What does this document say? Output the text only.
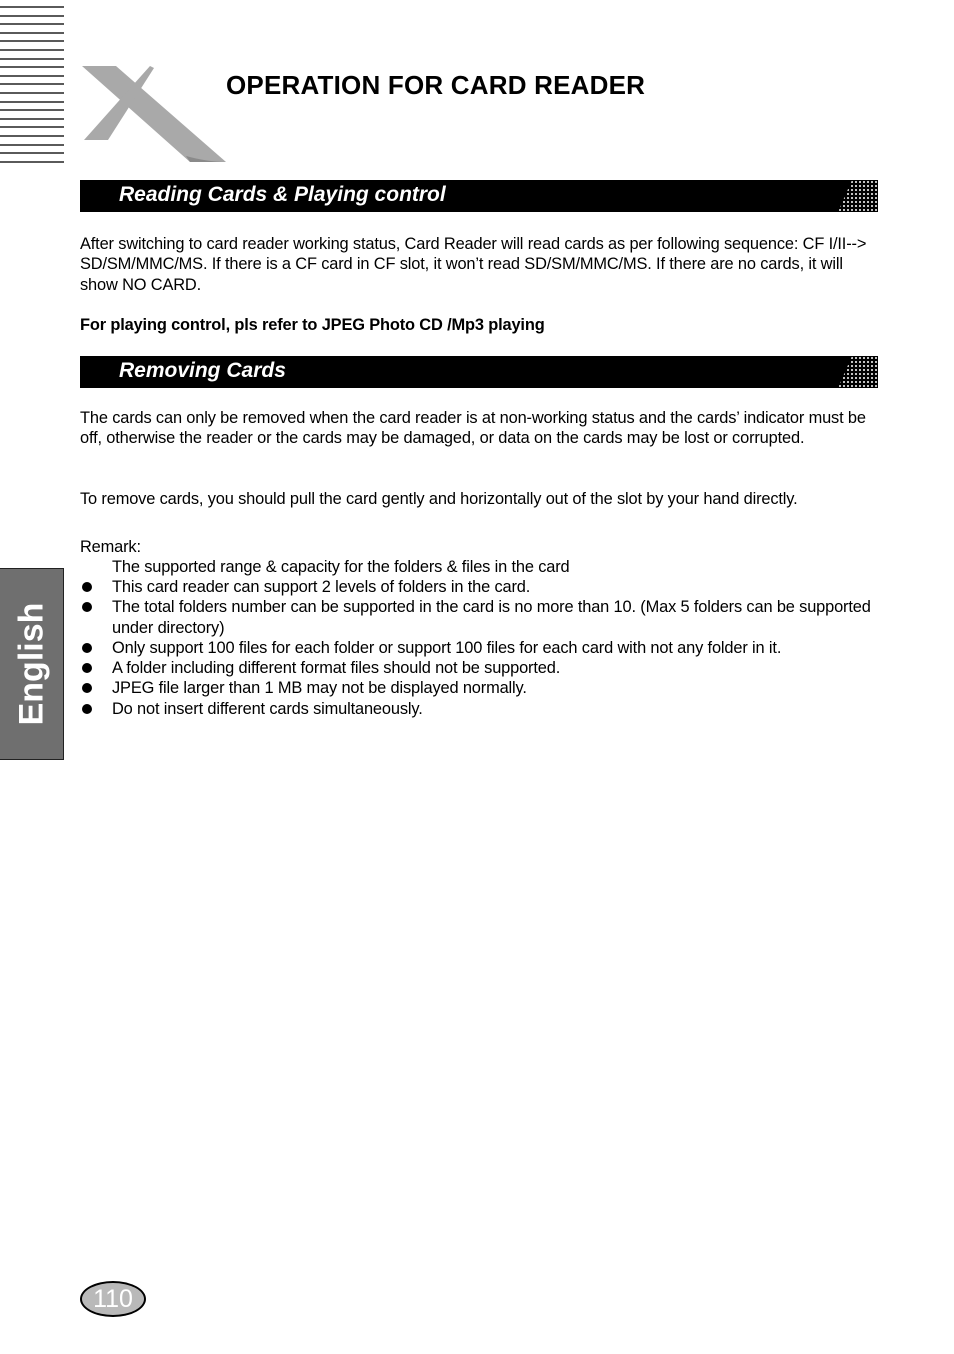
OPERATION FOR CARD READER
Reading Cards & Playing control
After switching to card reader working status, Card Reader will read cards as per following sequence: CF I/II--> SD/SM/MMC/MS. If there is a CF card in CF slot, it won’t read SD/SM/MMC/MS. If there are no cards, it will show NO CARD.
For playing control, pls refer to JPEG Photo CD /Mp3 playing
Removing Cards
The cards can only be removed when the card reader is at non-working status and the cards’ indicator must be off, otherwise the reader or the cards may be damaged, or data on the cards may be lost or corrupted.
To remove cards, you should pull the card gently and horizontally out of the slot by your hand directly.
Remark:
The supported range & capacity for the folders & files in the card
This card reader can support 2 levels of folders in the card.
The total folders number can be supported in the card is no more than 10. (Max 5 folders can be supported under directory)
Only support 100 files for each folder or support 100 files for each card with not any folder in it.
A folder including different format files should not be supported.
JPEG file larger than 1 MB may not be displayed normally.
Do not insert different cards simultaneously.
English
110
